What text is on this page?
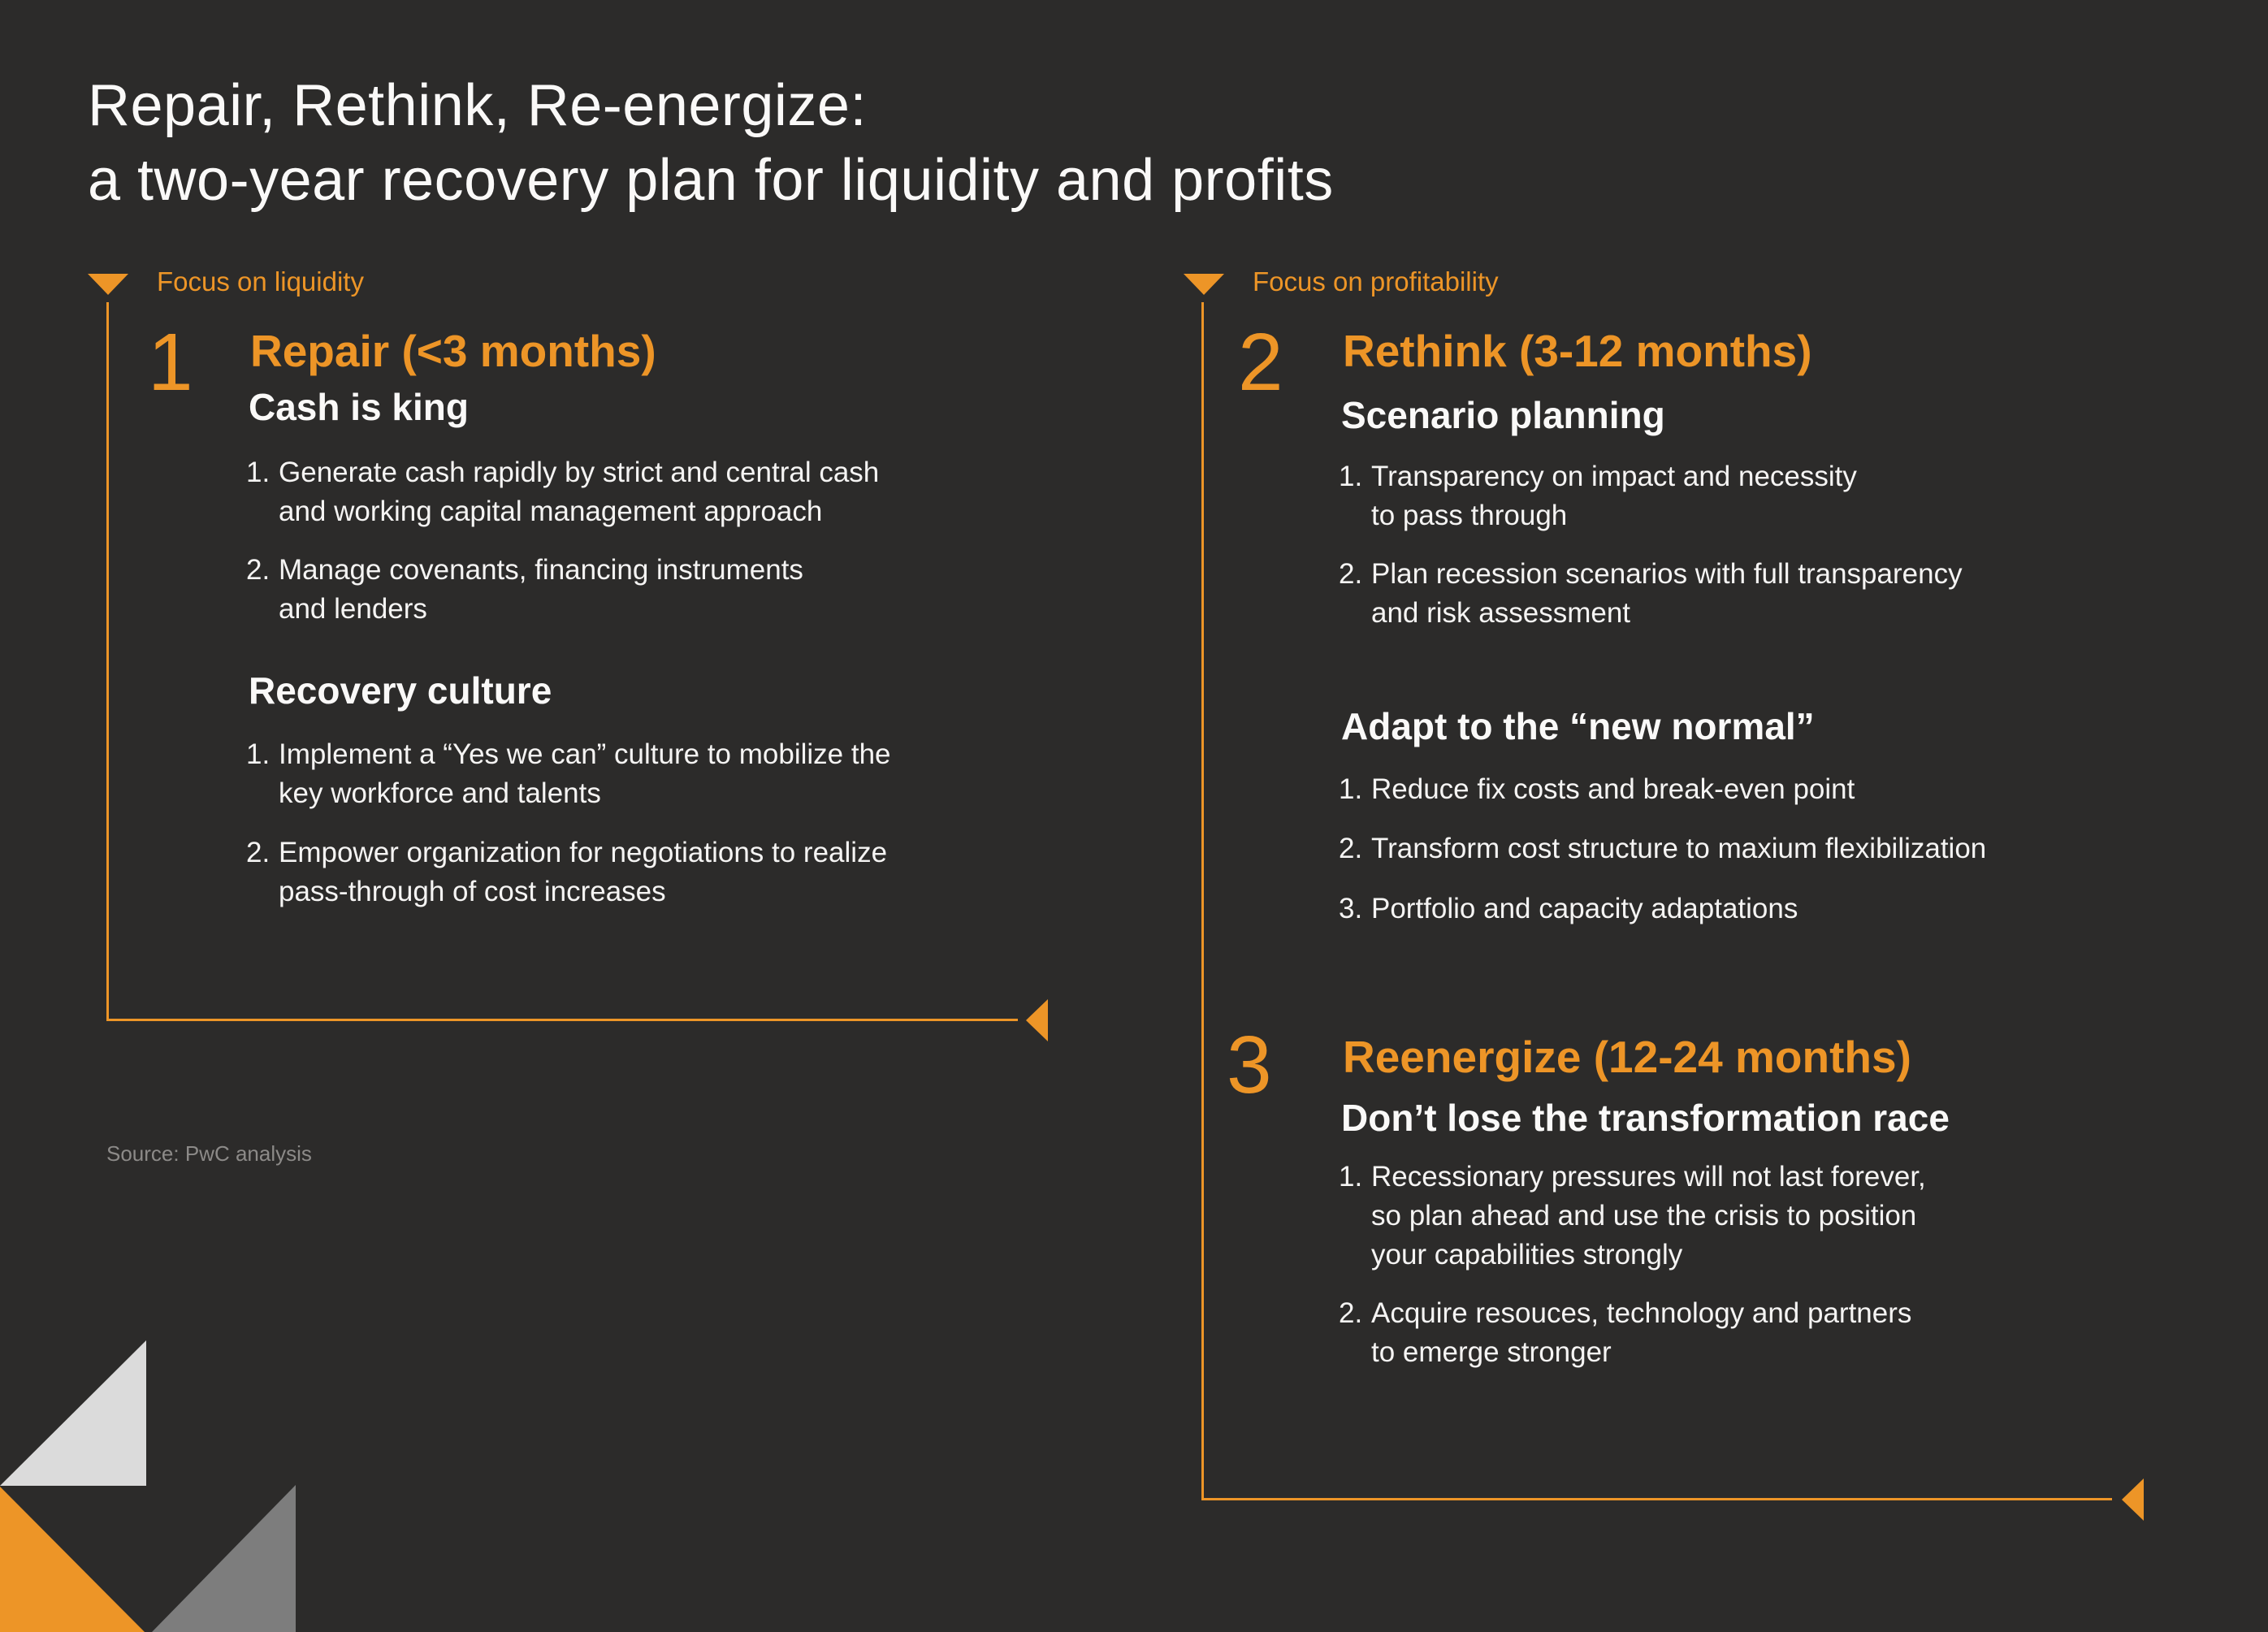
Repair, Rethink, Re-energize:
a two-year recovery plan for liquidity and profits
Focus on liquidity
1 Repair (<3 months)
Cash is king
1. Generate cash rapidly by strict and central cash
and working capital management approach
2. Manage covenants, financing instruments
and lenders
Recovery culture
1. Implement a “Yes we can” culture to mobilize the
key workforce and talents
2. Empower organization for negotiations to realize
pass-through of cost increases
Source: PwC analysis
Focus on profitability
2 Rethink (3-12 months)
Scenario planning
1. Transparency on impact and necessity
to pass through
2. Plan recession scenarios with full transparency
and risk assessment
Adapt to the “new normal”
1. Reduce fix costs and break-even point
2. Transform cost structure to maxium flexibilization
3. Portfolio and capacity adaptations
3 Reenergize (12-24 months)
Don’t lose the transformation race
1. Recessionary pressures will not last forever,
so plan ahead and use the crisis to position
your capabilities strongly
2. Acquire resouces, technology and partners
to emerge stronger
